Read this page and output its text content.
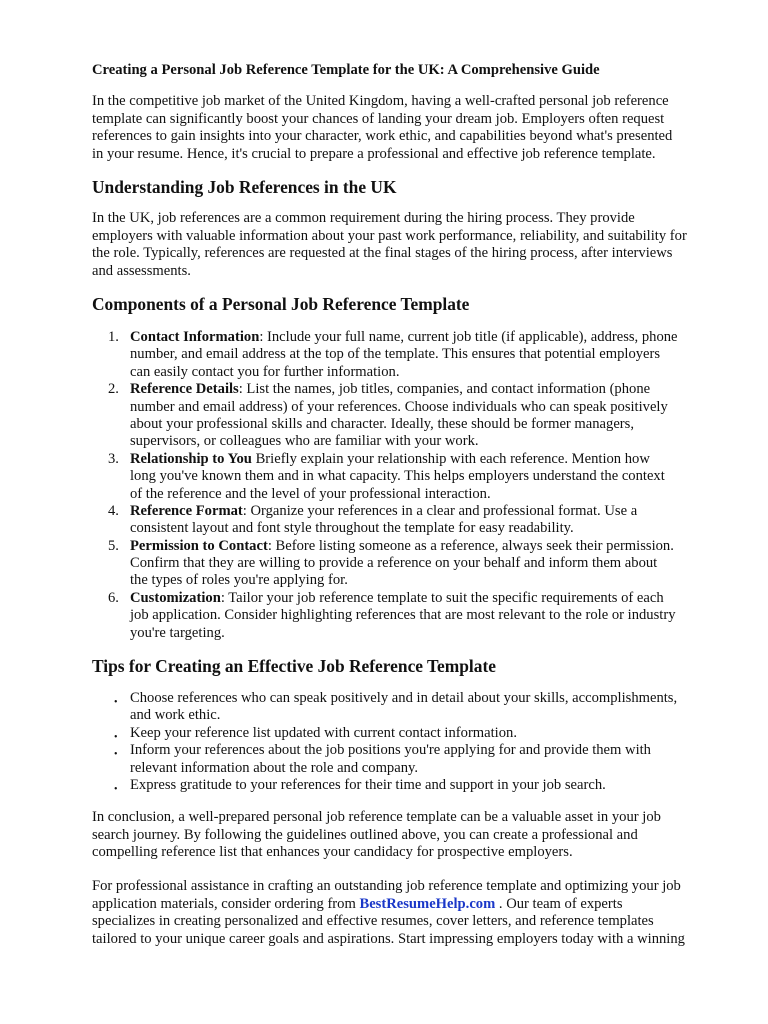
Creating a Personal Job Reference Template for the UK: A Comprehensive Guide
In the competitive job market of the United Kingdom, having a well-crafted personal job reference
template can significantly boost your chances of landing your dream job. Employers often request
references to gain insights into your character, work ethic, and capabilities beyond what's presented
in your resume. Hence, it's crucial to prepare a professional and effective job reference template.
Understanding Job References in the UK
In the UK, job references are a common requirement during the hiring process. They provide
employers with valuable information about your past work performance, reliability, and suitability for
the role. Typically, references are requested at the final stages of the hiring process, after interviews
and assessments.
Components of a Personal Job Reference Template
1. Contact Information: Include your full name, current job title (if applicable), address, phone
number, and email address at the top of the template. This ensures that potential employers
can easily contact you for further information.
2. Reference Details: List the names, job titles, companies, and contact information (phone
number and email address) of your references. Choose individuals who can speak positively
about your professional skills and character. Ideally, these should be former managers,
supervisors, or colleagues who are familiar with your work.
3. Relationship to You Briefly explain your relationship with each reference. Mention how
long you've known them and in what capacity. This helps employers understand the context
of the reference and the level of your professional interaction.
4. Reference Format: Organize your references in a clear and professional format. Use a
consistent layout and font style throughout the template for easy readability.
5. Permission to Contact: Before listing someone as a reference, always seek their permission.
Confirm that they are willing to provide a reference on your behalf and inform them about
the types of roles you're applying for.
6. Customization: Tailor your job reference template to suit the specific requirements of each
job application. Consider highlighting references that are most relevant to the role or industry
you're targeting.
Tips for Creating an Effective Job Reference Template
• Choose references who can speak positively and in detail about your skills, accomplishments,
and work ethic.
• Keep your reference list updated with current contact information.
• Inform your references about the job positions you're applying for and provide them with
relevant information about the role and company.
• Express gratitude to your references for their time and support in your job search.
In conclusion, a well-prepared personal job reference template can be a valuable asset in your job
search journey. By following the guidelines outlined above, you can create a professional and
compelling reference list that enhances your candidacy for prospective employers.
For professional assistance in crafting an outstanding job reference template and optimizing your job
application materials, consider ordering from BestResumeHelp.com . Our team of experts
specializes in creating personalized and effective resumes, cover letters, and reference templates
tailored to your unique career goals and aspirations. Start impressing employers today with a winning
